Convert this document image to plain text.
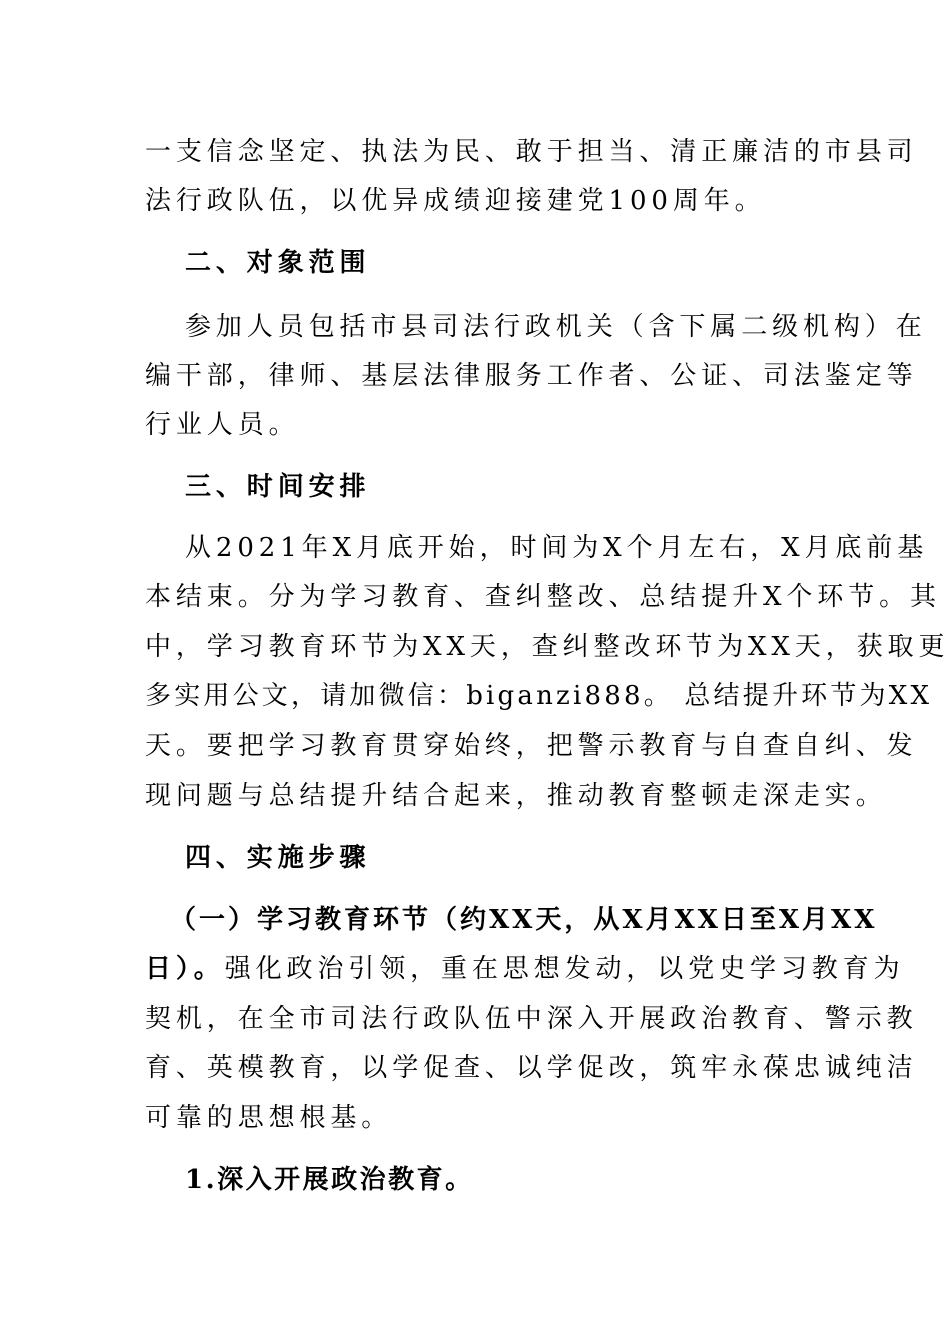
一支信念坚定、执法为民、敢于担当、清正廉洁的市县司
法行政队伍，以优异成绩迎接建党100周年。
二、对象范围
参加人员包括市县司法行政机关（含下属二级机构）在
编干部，律师、基层法律服务工作者、公证、司法鉴定等
行业人员。
三、时间安排
从2021年X月底开始，时间为X个月左右，X月底前基
本结束。分为学习教育、查纠整改、总结提升X个环节。其
中，学习教育环节为XX天，查纠整改环节为XX天，获取更
多实用公文，请加微信：biganzi888。 总结提升环节为XX
天。要把学习教育贯穿始终，把警示教育与自查自纠、发
现问题与总结提升结合起来，推动教育整顿走深走实。
四、实施步骤
（一）学习教育环节（约XX天，从X月XX日至X月XX
日）。强化政治引领，重在思想发动，以党史学习教育为
契机，在全市司法行政队伍中深入开展政治教育、警示教
育、英模教育，以学促查、以学促改，筑牢永葆忠诚纯洁
可靠的思想根基。
1.深入开展政治教育。
